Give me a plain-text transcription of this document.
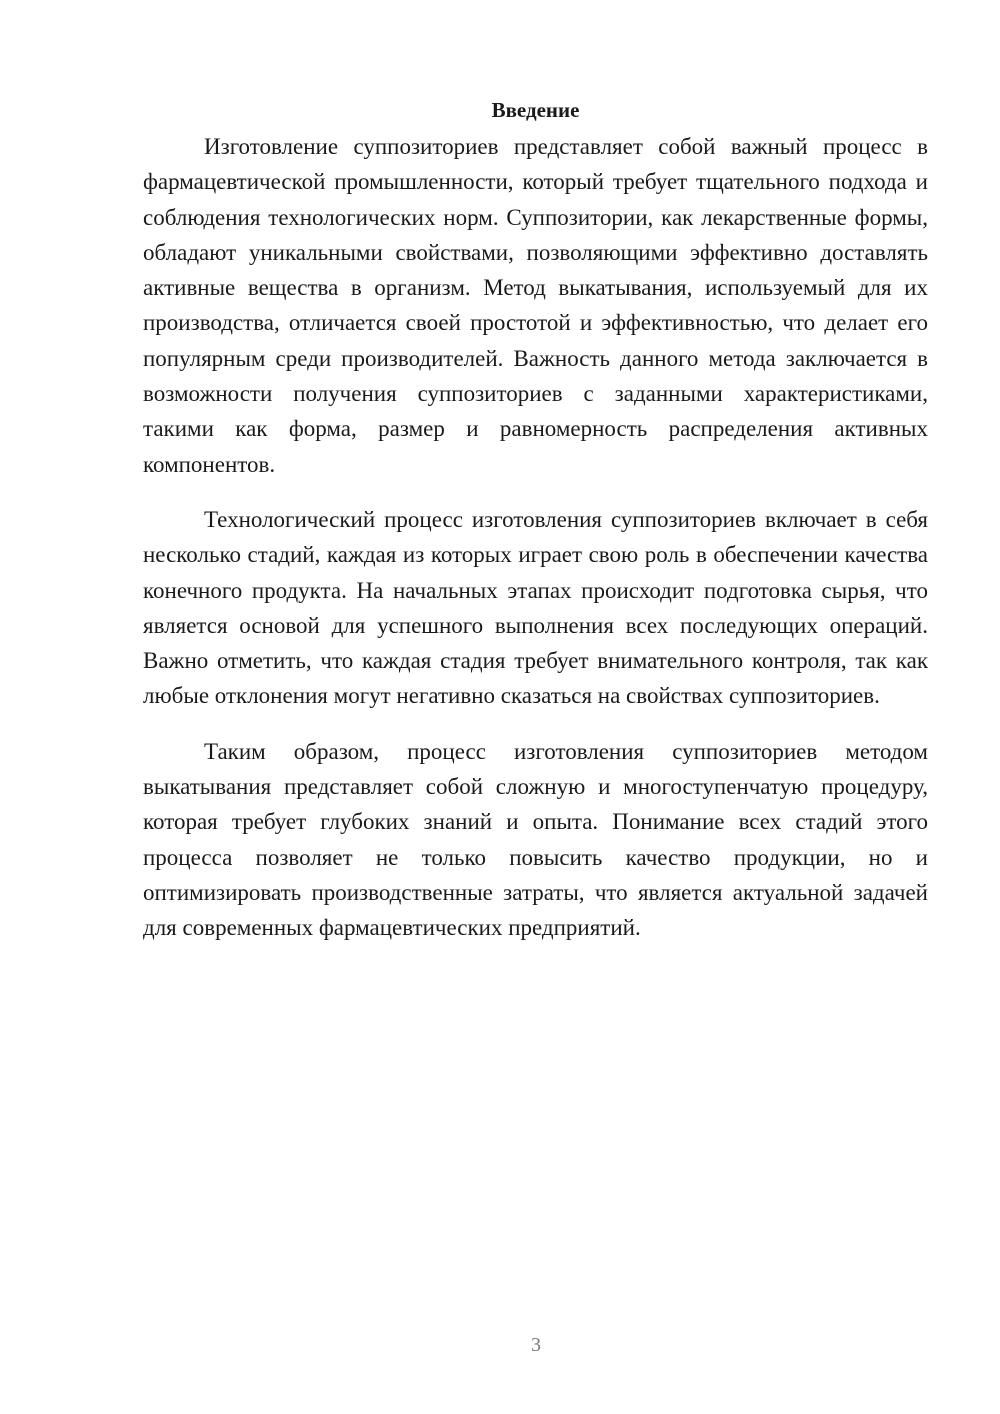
Введение

Изготовление суппозиториев представляет собой важный процесс в фармацевтической промышленности, который требует тщательного подхода и соблюдения технологических норм. Суппозитории, как лекарственные формы, обладают уникальными свойствами, позволяющими эффективно доставлять активные вещества в организм. Метод выкатывания, используемый для их производства, отличается своей простотой и эффективностью, что делает его популярным среди производителей. Важность данного метода заключается в возможности получения суппозиториев с заданными характеристиками, такими как форма, размер и равномерность распределения активных компонентов.

Технологический процесс изготовления суппозиториев включает в себя несколько стадий, каждая из которых играет свою роль в обеспечении качества конечного продукта. На начальных этапах происходит подготовка сырья, что является основой для успешного выполнения всех последующих операций. Важно отметить, что каждая стадия требует внимательного контроля, так как любые отклонения могут негативно сказаться на свойствах суппозиториев.

Таким образом, процесс изготовления суппозиториев методом выкатывания представляет собой сложную и многоступенчатую процедуру, которая требует глубоких знаний и опыта. Понимание всех стадий этого процесса позволяет не только повысить качество продукции, но и оптимизировать производственные затраты, что является актуальной задачей для современных фармацевтических предприятий.

3
